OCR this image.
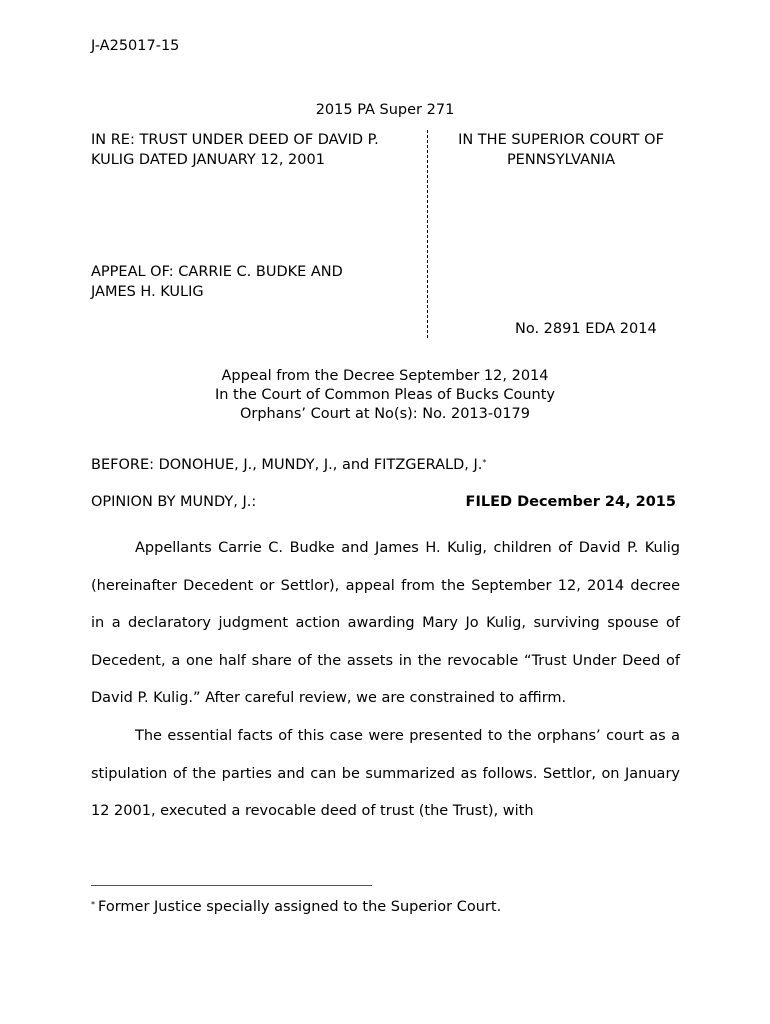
J-A25017-15
2015 PA Super 271
IN RE: TRUST UNDER DEED OF DAVID P.
KULIG DATED JANUARY 12, 2001
IN THE SUPERIOR COURT OF
PENNSYLVANIA
APPEAL OF: CARRIE C. BUDKE AND
JAMES H. KULIG
No. 2891 EDA 2014
Appeal from the Decree September 12, 2014
In the Court of Common Pleas of Bucks County
Orphans’ Court at No(s): No. 2013-0179
BEFORE: DONOHUE, J., MUNDY, J., and FITZGERALD, J.*
OPINION BY MUNDY, J.:	FILED December 24, 2015

Appellants Carrie C. Budke and James H. Kulig, children of David P. Kulig (hereinafter Decedent or Settlor), appeal from the September 12, 2014 decree in a declaratory judgment action awarding Mary Jo Kulig, surviving spouse of Decedent, a one half share of the assets in the revocable “Trust Under Deed of David P. Kulig.” After careful review, we are constrained to affirm.

The essential facts of this case were presented to the orphans’ court as a stipulation of the parties and can be summarized as follows. Settlor, on January 12 2001, executed a revocable deed of trust (the Trust), with

* Former Justice specially assigned to the Superior Court.
